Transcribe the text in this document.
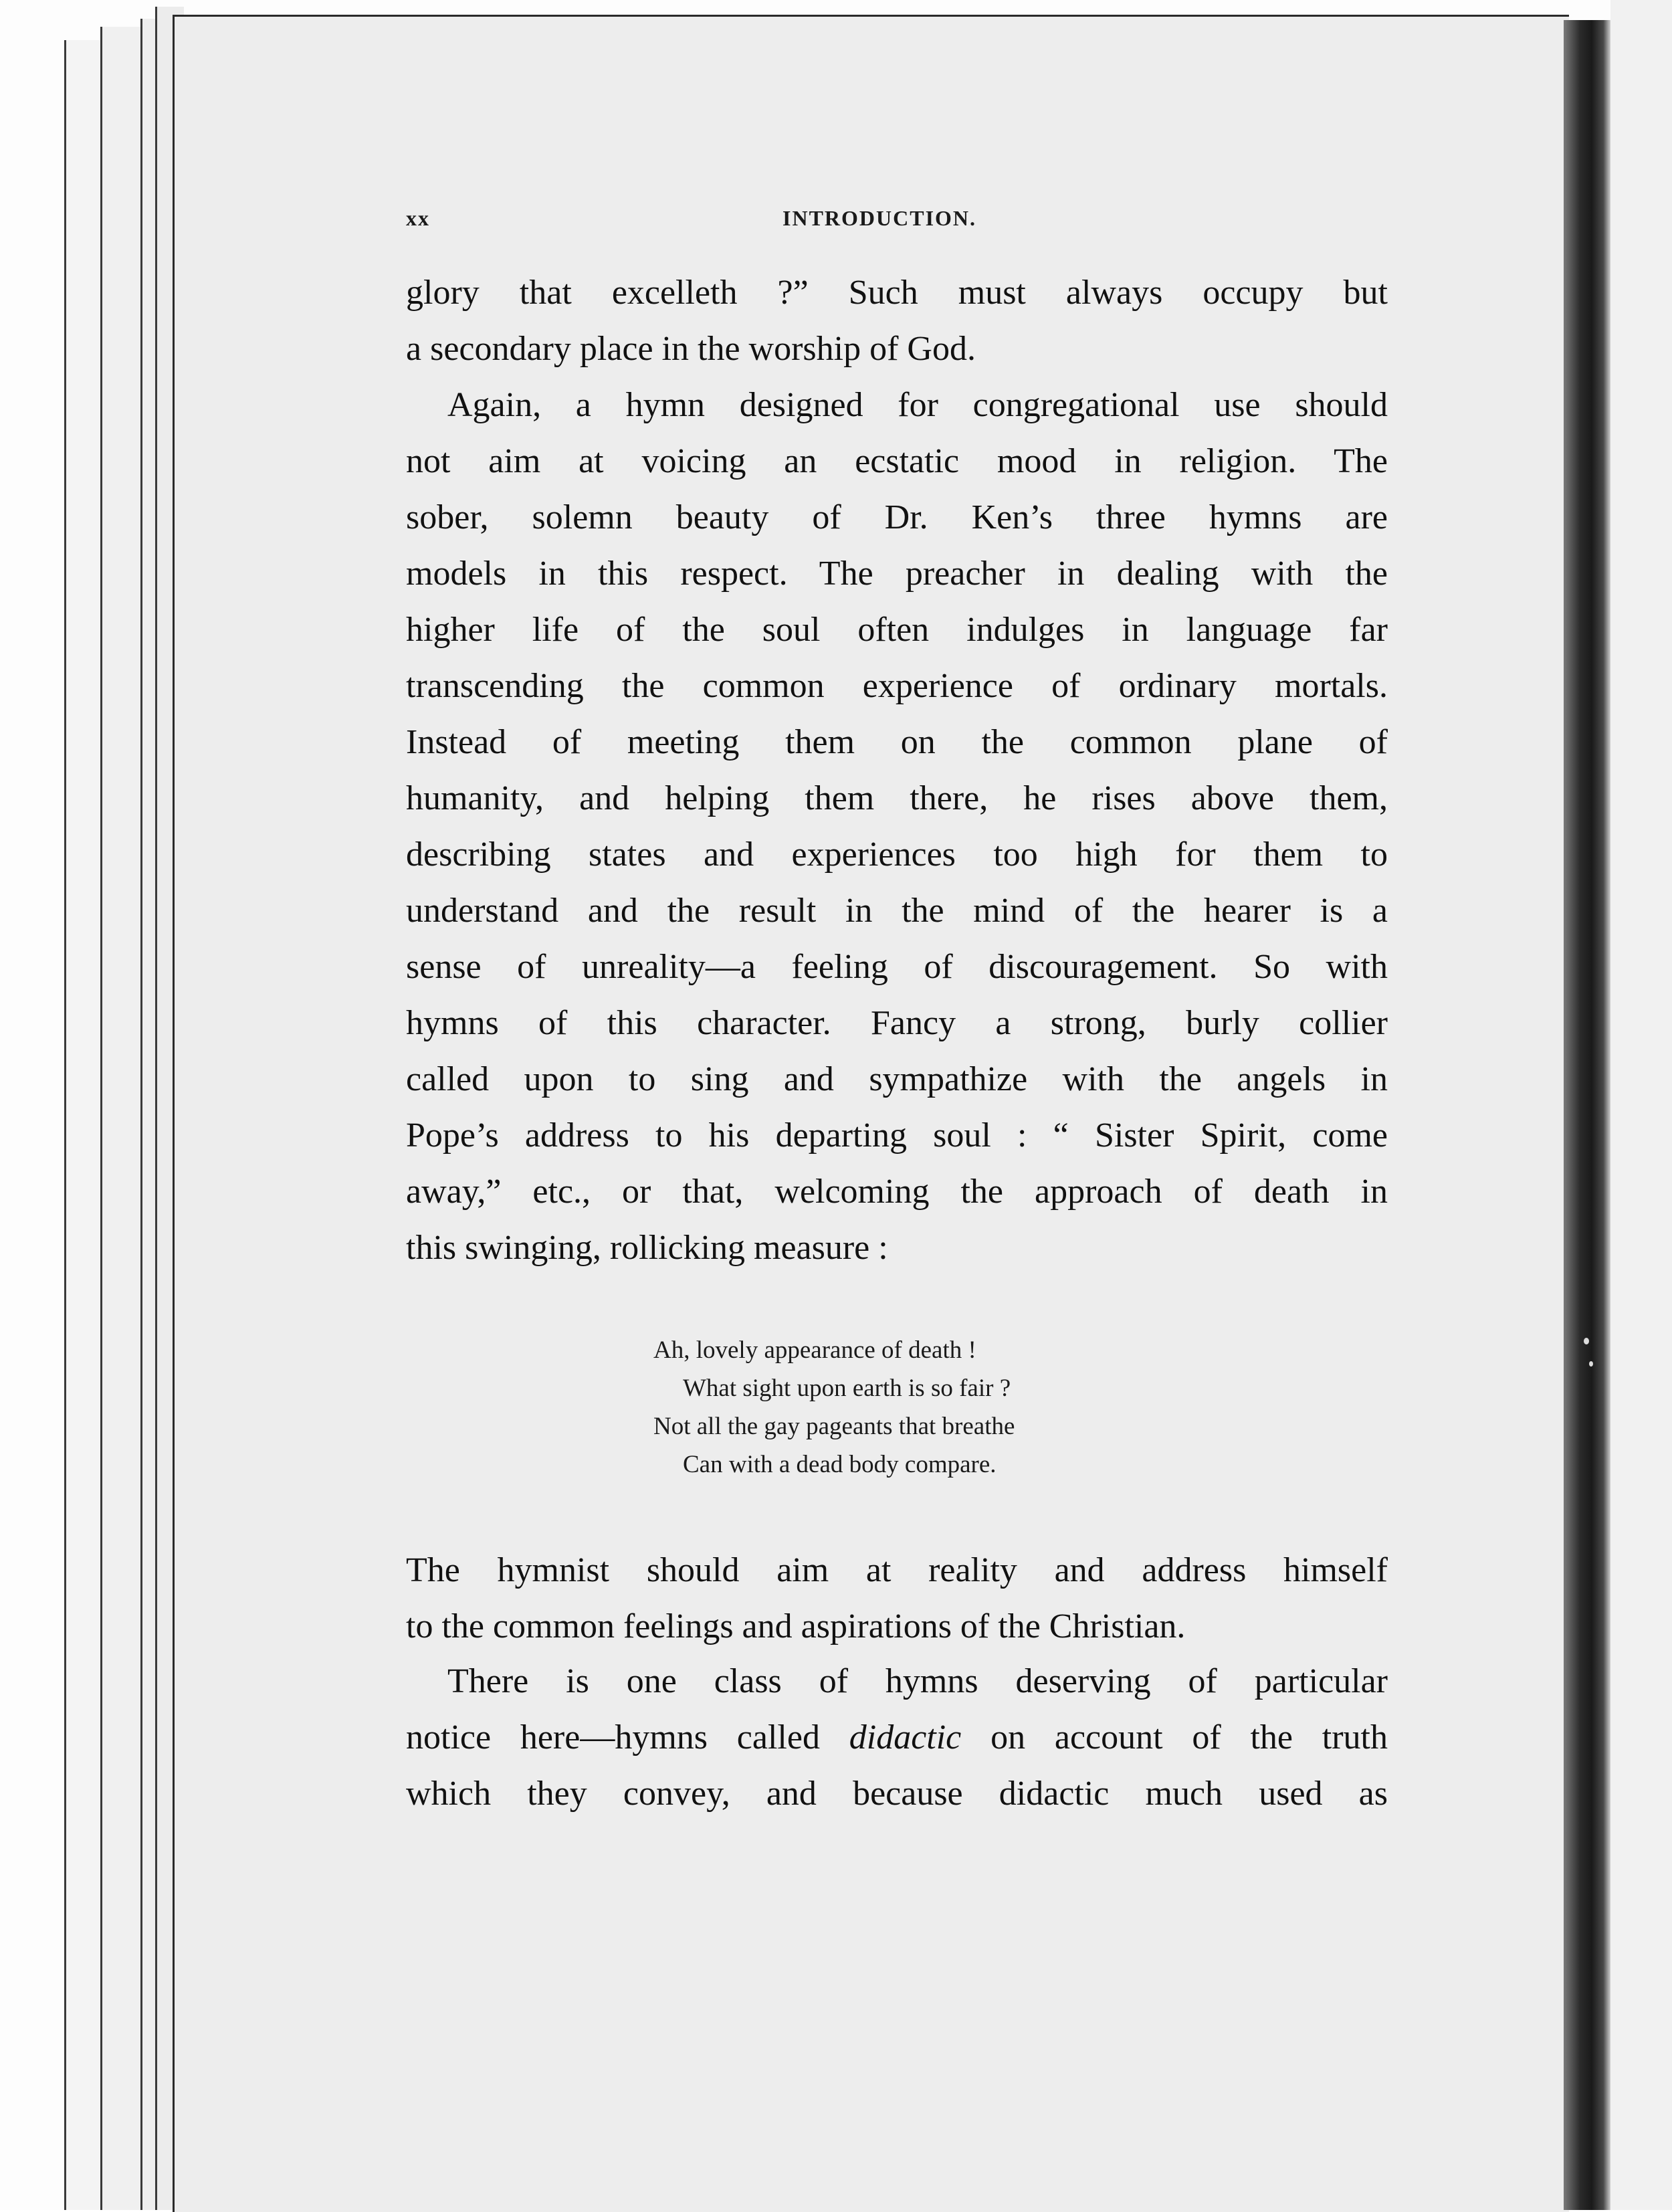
xx	INTRODUCTION.
glory that excelleth ?” Such must always occupy but
a secondary place in the worship of God.
Again, a hymn designed for congregational use should
not aim at voicing an ecstatic mood in religion. The
sober, solemn beauty of Dr. Ken’s three hymns are
models in this respect. The preacher in dealing with the
higher life of the soul often indulges in language far
transcending the common experience of ordinary mortals.
Instead of meeting them on the common plane of
humanity, and helping them there, he rises above them,
describing states and experiences too high for them to
understand and the result in the mind of the hearer is a
sense of unreality—a feeling of discouragement. So with
hymns of this character. Fancy a strong, burly collier
called upon to sing and sympathize with the angels in
Pope’s address to his departing soul : “ Sister Spirit, come
away,” etc., or that, welcoming the approach of death in
this swinging, rollicking measure :
Ah, lovely appearance of death !
What sight upon earth is so fair ?
Not all the gay pageants that breathe
Can with a dead body compare.
The hymnist should aim at reality and address himself
to the common feelings and aspirations of the Christian.
There is one class of hymns deserving of particular
notice here—hymns called didactic on account of the truth
which they convey, and because didactic much used as
